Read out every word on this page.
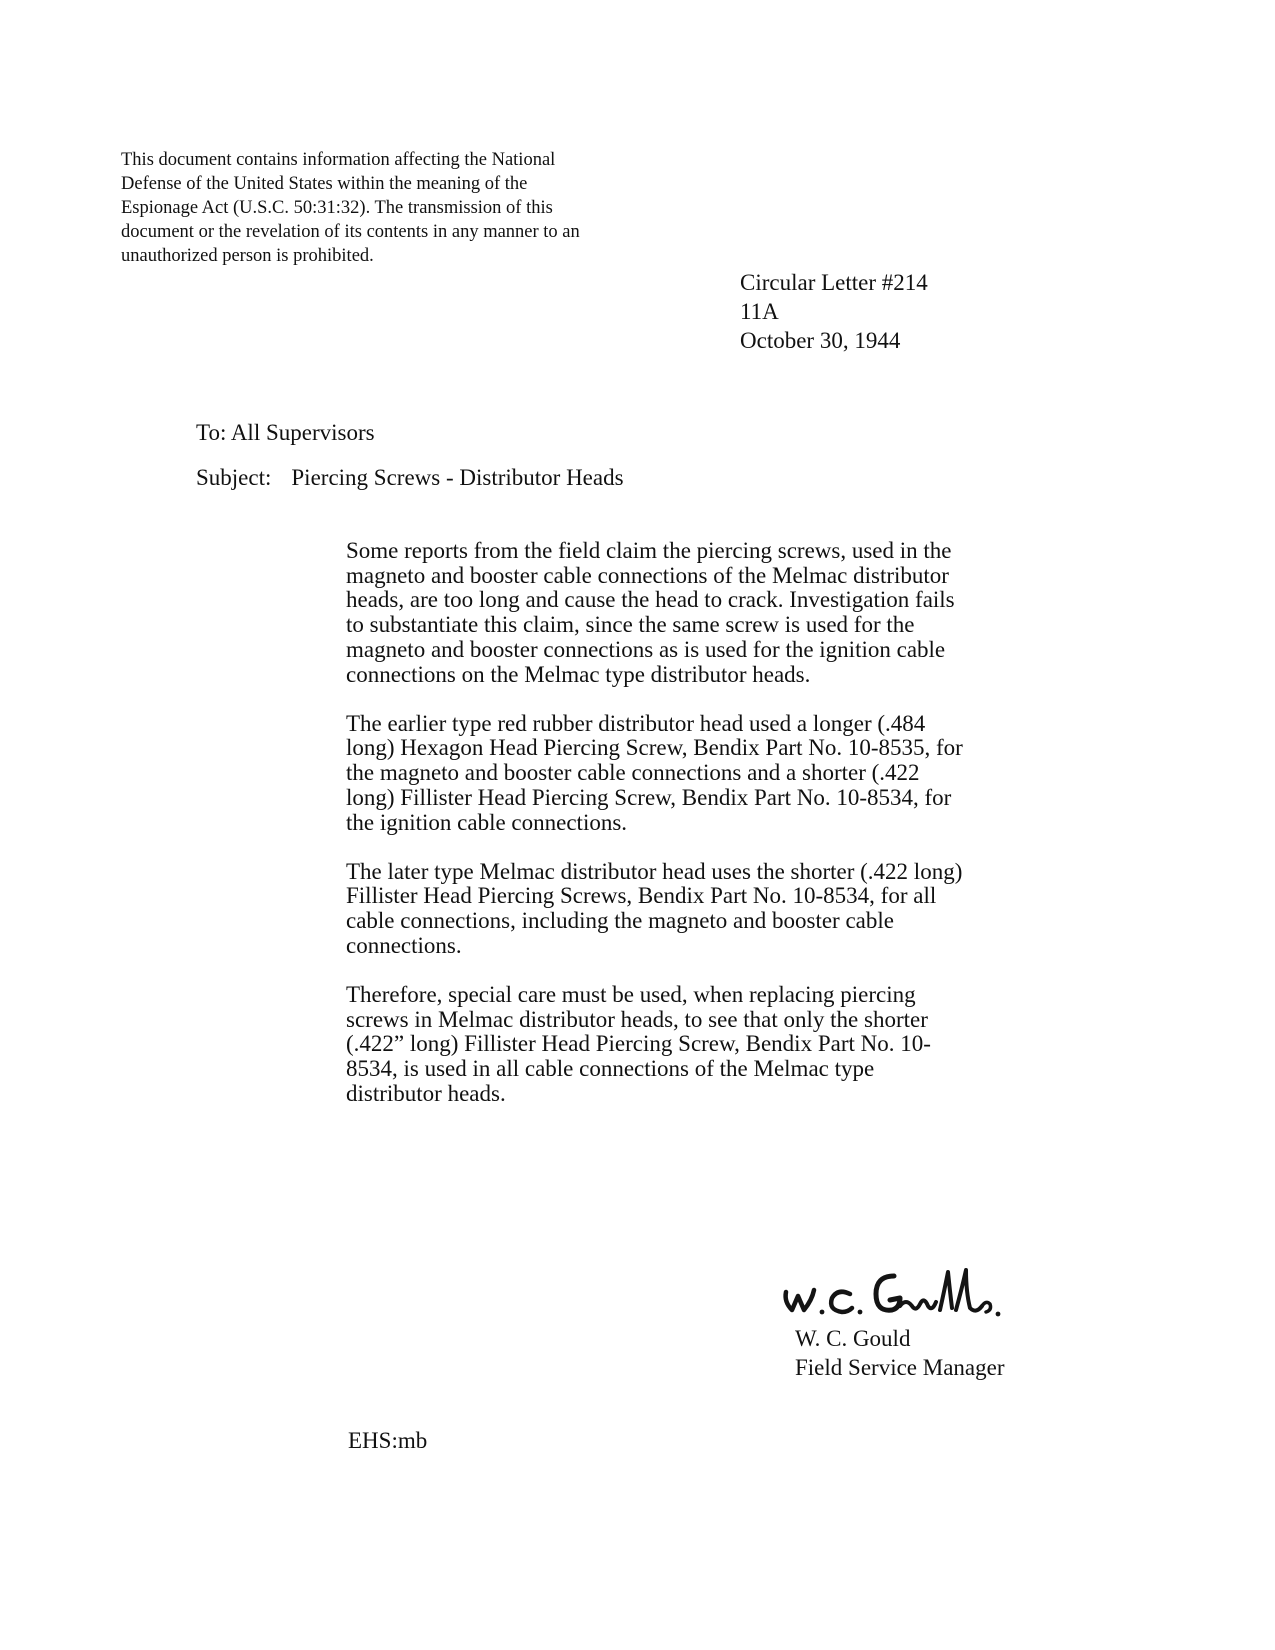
This document contains information affecting the National
Defense of the United States within the meaning of the
Espionage Act (U.S.C. 50:31:32). The transmission of this
document or the revelation of its contents in any manner to an
unauthorized person is prohibited.
Circular Letter #214
11A
October 30, 1944
To: All Supervisors
Subject: Piercing Screws - Distributor Heads

Some reports from the field claim the piercing screws, used in the
magneto and booster cable connections of the Melmac distributor
heads, are too long and cause the head to crack. Investigation fails
to substantiate this claim, since the same screw is used for the
magneto and booster connections as is used for the ignition cable
connections on the Melmac type distributor heads.

The earlier type red rubber distributor head used a longer (.484
long) Hexagon Head Piercing Screw, Bendix Part No. 10-8535, for
the magneto and booster cable connections and a shorter (.422
long) Fillister Head Piercing Screw, Bendix Part No. 10-8534, for
the ignition cable connections.

The later type Melmac distributor head uses the shorter (.422 long)
Fillister Head Piercing Screws, Bendix Part No. 10-8534, for all
cable connections, including the magneto and booster cable
connections.

Therefore, special care must be used, when replacing piercing
screws in Melmac distributor heads, to see that only the shorter
(.422” long) Fillister Head Piercing Screw, Bendix Part No. 10-
8534, is used in all cable connections of the Melmac type
distributor heads.

W. C. Gould
Field Service Manager
EHS:mb
